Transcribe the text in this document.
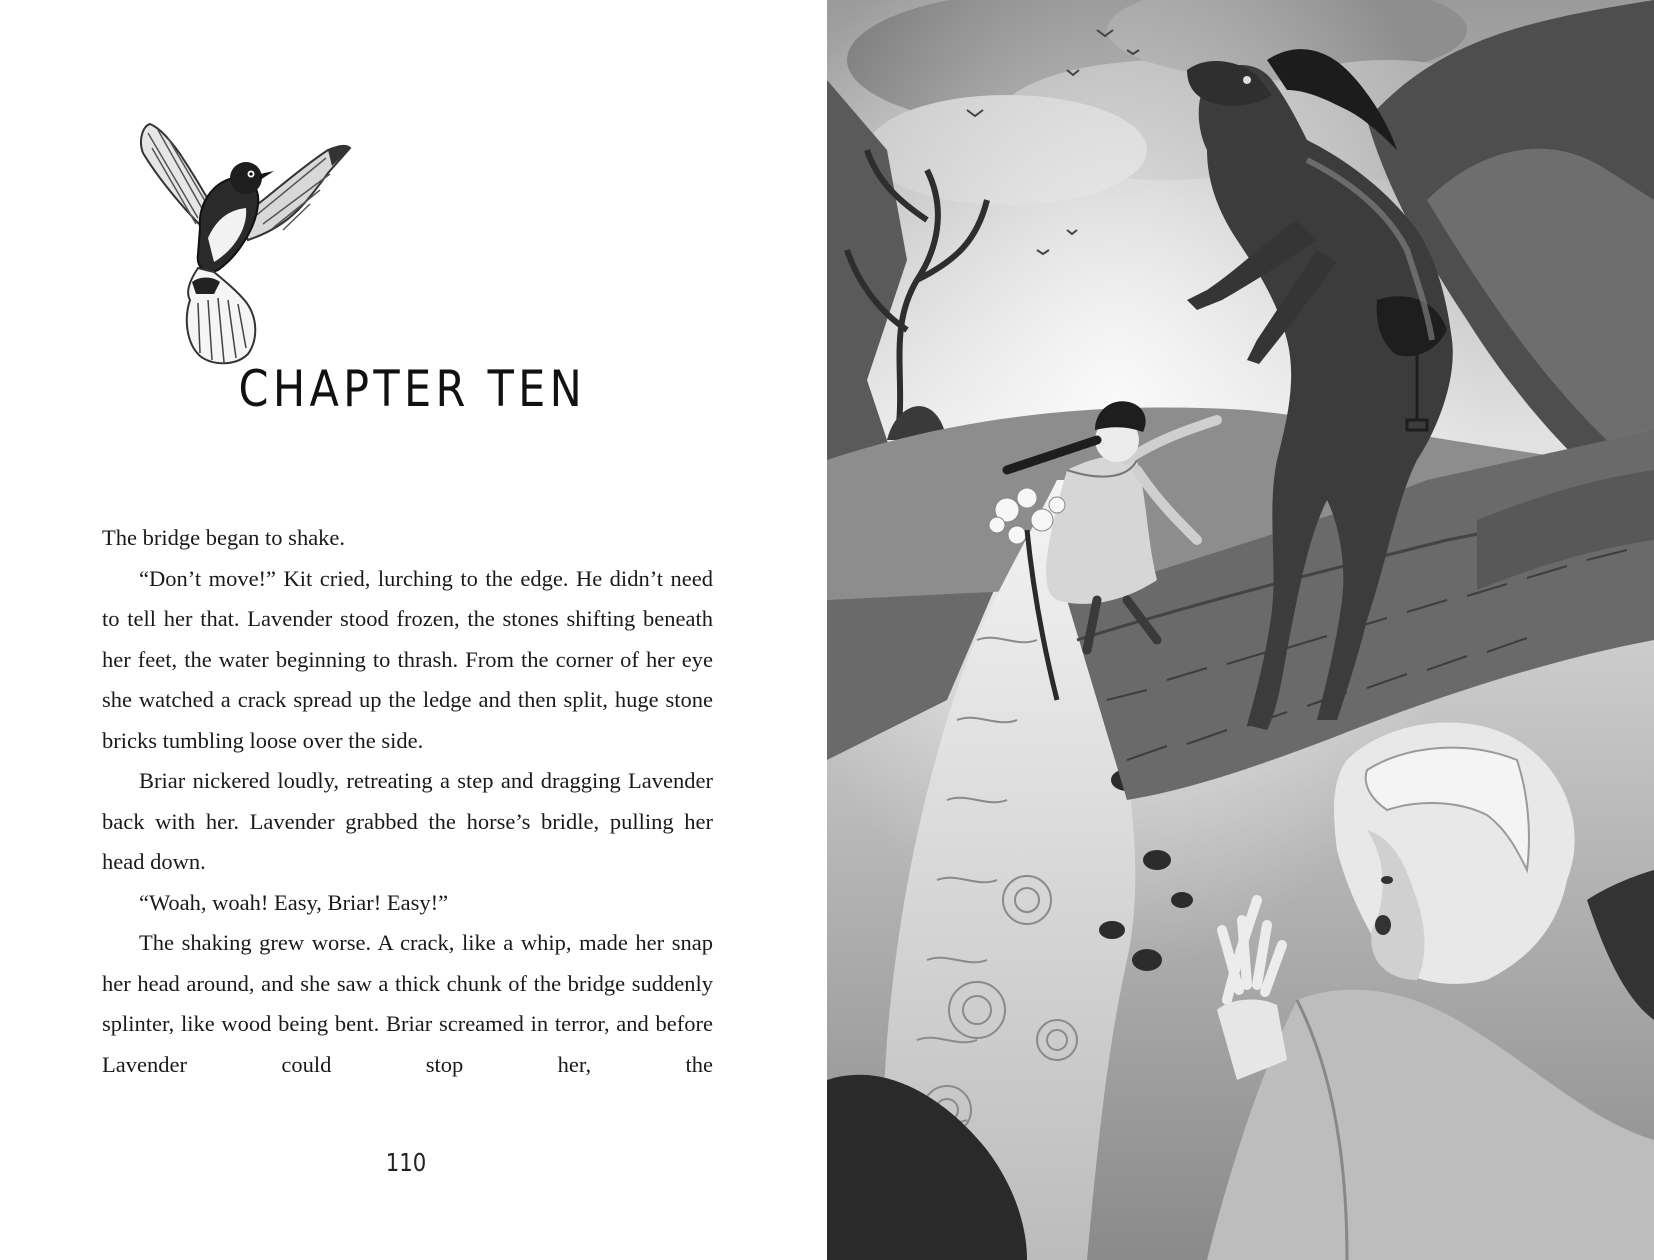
CHAPTER TEN

The bridge began to shake.

“Don’t move!” Kit cried, lurching to the edge. He didn’t need to tell her that. Lavender stood frozen, the stones shifting beneath her feet, the water beginning to thrash. From the corner of her eye she watched a crack spread up the ledge and then split, huge stone bricks tumbling loose over the side.

Briar nickered loudly, retreating a step and dragging Lavender back with her. Lavender grabbed the horse’s bridle, pulling her head down.

“Woah, woah! Easy, Briar! Easy!”

The shaking grew worse. A crack, like a whip, made her snap her head around, and she saw a thick chunk of the bridge suddenly splinter, like wood being bent. Briar screamed in terror, and before Lavender could stop her, the

110
